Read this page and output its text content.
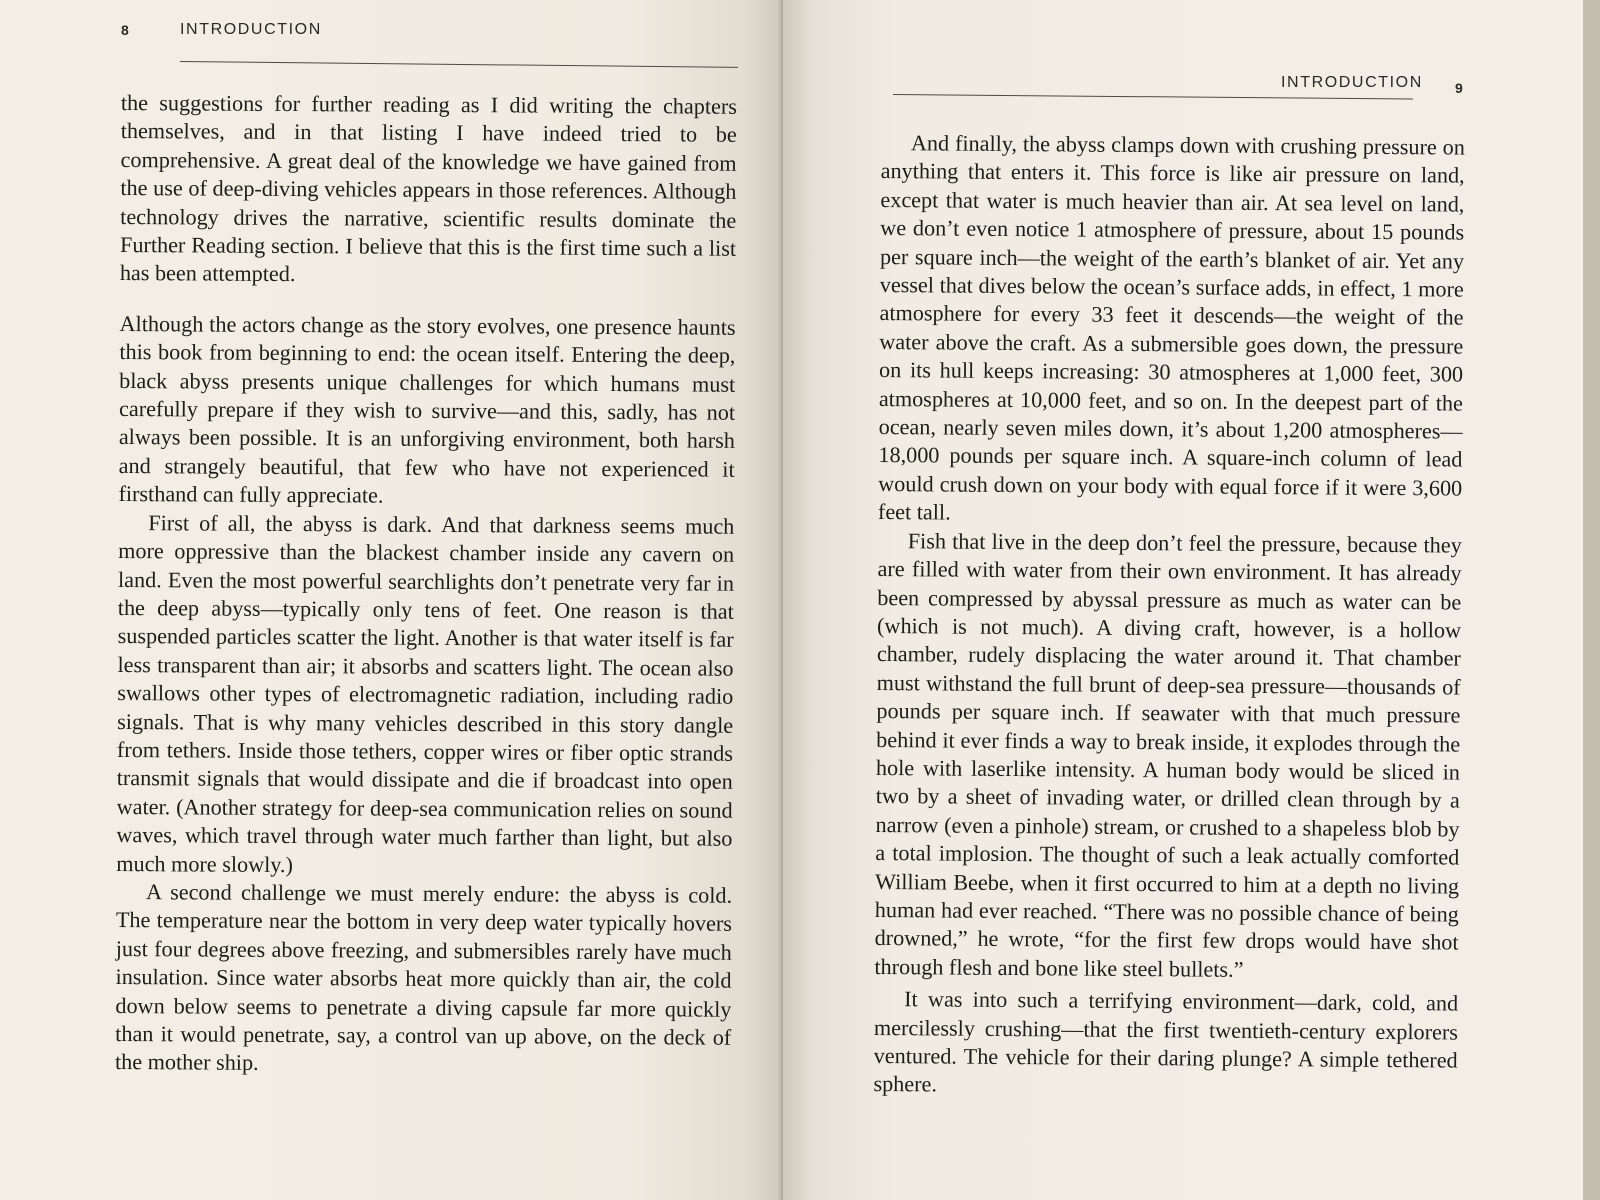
8	INTRODUCTION

the suggestions for further reading as I did writing the chapters themselves, and in that listing I have indeed tried to be comprehensive. A great deal of the knowledge we have gained from the use of deep-diving vehicles appears in those references. Although technology drives the narrative, scientific results dominate the Further Reading section. I believe that this is the first time such a list has been attempted.

Although the actors change as the story evolves, one presence haunts this book from beginning to end: the ocean itself. Entering the deep, black abyss presents unique challenges for which humans must carefully prepare if they wish to survive—and this, sadly, has not always been possible. It is an unforgiving environment, both harsh and strangely beautiful, that few who have not experienced it firsthand can fully appreciate.

First of all, the abyss is dark. And that darkness seems much more oppressive than the blackest chamber inside any cavern on land. Even the most powerful searchlights don’t penetrate very far in the deep abyss—typically only tens of feet. One reason is that suspended particles scatter the light. Another is that water itself is far less transparent than air; it absorbs and scatters light. The ocean also swallows other types of electromagnetic radiation, including radio signals. That is why many vehicles described in this story dangle from tethers. Inside those tethers, copper wires or fiber optic strands transmit signals that would dissipate and die if broadcast into open water. (Another strategy for deep-sea communication relies on sound waves, which travel through water much farther than light, but also much more slowly.)

A second challenge we must merely endure: the abyss is cold. The temperature near the bottom in very deep water typically hovers just four degrees above freezing, and submersibles rarely have much insulation. Since water absorbs heat more quickly than air, the cold down below seems to penetrate a diving capsule far more quickly than it would penetrate, say, a control van up above, on the deck of the mother ship.

INTRODUCTION 9

And finally, the abyss clamps down with crushing pressure on anything that enters it. This force is like air pressure on land, except that water is much heavier than air. At sea level on land, we don’t even notice 1 atmosphere of pressure, about 15 pounds per square inch—the weight of the earth’s blanket of air. Yet any vessel that dives below the ocean’s surface adds, in effect, 1 more atmosphere for every 33 feet it descends—the weight of the water above the craft. As a submersible goes down, the pressure on its hull keeps increasing: 30 atmospheres at 1,000 feet, 300 atmospheres at 10,000 feet, and so on. In the deepest part of the ocean, nearly seven miles down, it’s about 1,200 atmospheres—18,000 pounds per square inch. A square-inch column of lead would crush down on your body with equal force if it were 3,600 feet tall.

Fish that live in the deep don’t feel the pressure, because they are filled with water from their own environment. It has already been compressed by abyssal pressure as much as water can be (which is not much). A diving craft, however, is a hollow chamber, rudely displacing the water around it. That chamber must withstand the full brunt of deep-sea pressure—thousands of pounds per square inch. If seawater with that much pressure behind it ever finds a way to break inside, it explodes through the hole with laserlike intensity. A human body would be sliced in two by a sheet of invading water, or drilled clean through by a narrow (even a pinhole) stream, or crushed to a shapeless blob by a total implosion. The thought of such a leak actually comforted William Beebe, when it first occurred to him at a depth no living human had ever reached. “There was no possible chance of being drowned,” he wrote, “for the first few drops would have shot through flesh and bone like steel bullets.”

It was into such a terrifying environment—dark, cold, and mercilessly crushing—that the first twentieth-century explorers ventured. The vehicle for their daring plunge? A simple tethered sphere.
